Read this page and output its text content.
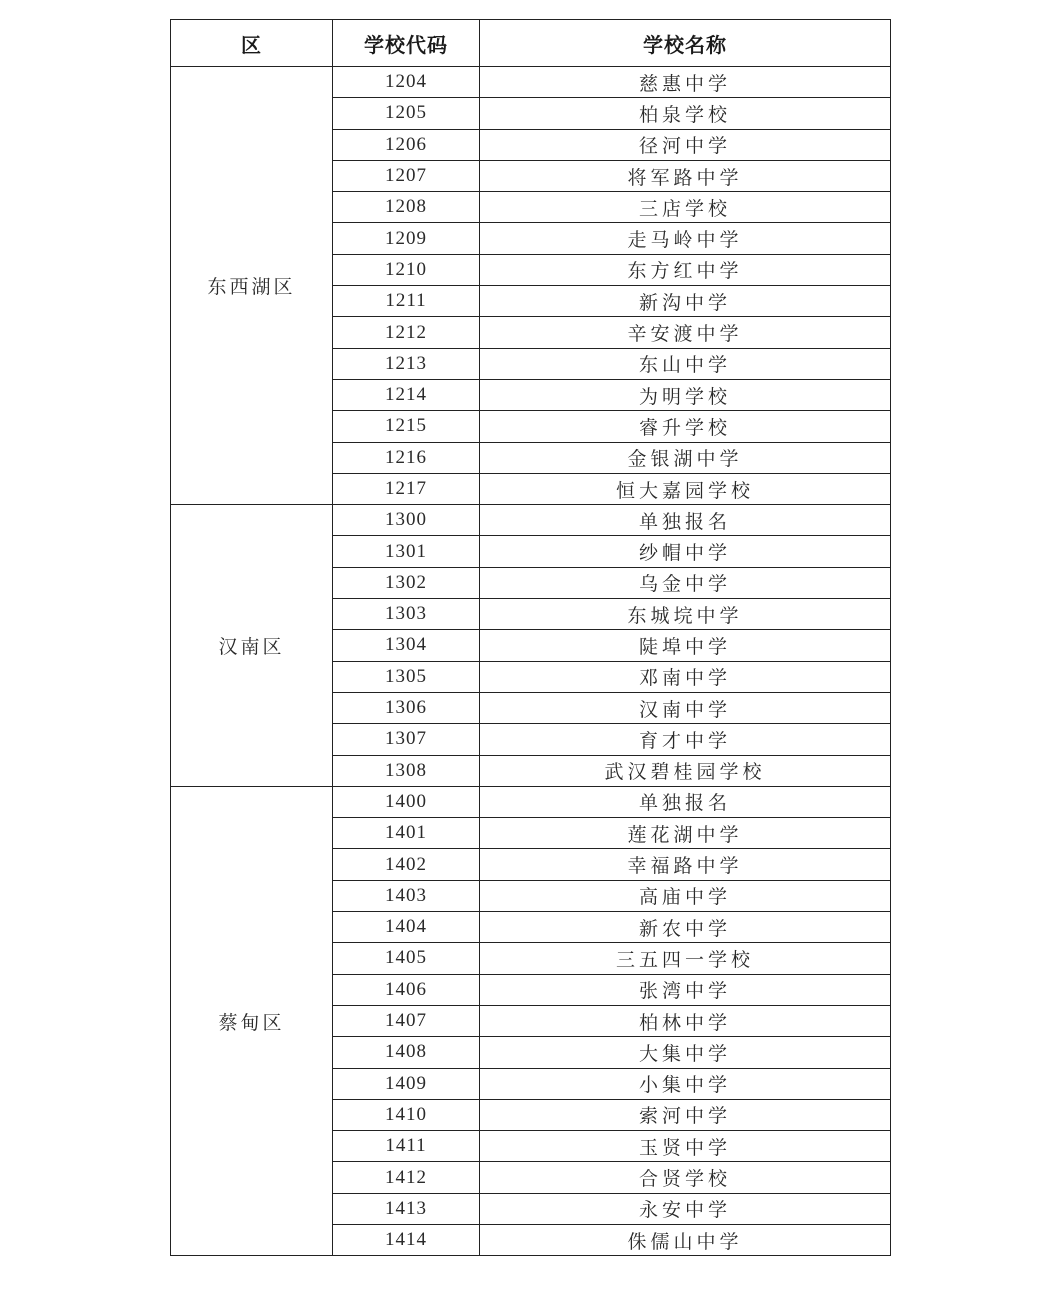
区	学校代码	学校名称
东西湖区	1204	慈惠中学
	1205	柏泉学校
	1206	径河中学
	1207	将军路中学
	1208	三店学校
	1209	走马岭中学
	1210	东方红中学
	1211	新沟中学
	1212	辛安渡中学
	1213	东山中学
	1214	为明学校
	1215	睿升学校
	1216	金银湖中学
	1217	恒大嘉园学校
汉南区	1300	单独报名
	1301	纱帽中学
	1302	乌金中学
	1303	东城垸中学
	1304	陡埠中学
	1305	邓南中学
	1306	汉南中学
	1307	育才中学
	1308	武汉碧桂园学校
蔡甸区	1400	单独报名
	1401	莲花湖中学
	1402	幸福路中学
	1403	高庙中学
	1404	新农中学
	1405	三五四一学校
	1406	张湾中学
	1407	柏林中学
	1408	大集中学
	1409	小集中学
	1410	索河中学
	1411	玉贤中学
	1412	合贤学校
	1413	永安中学
	1414	侏儒山中学
